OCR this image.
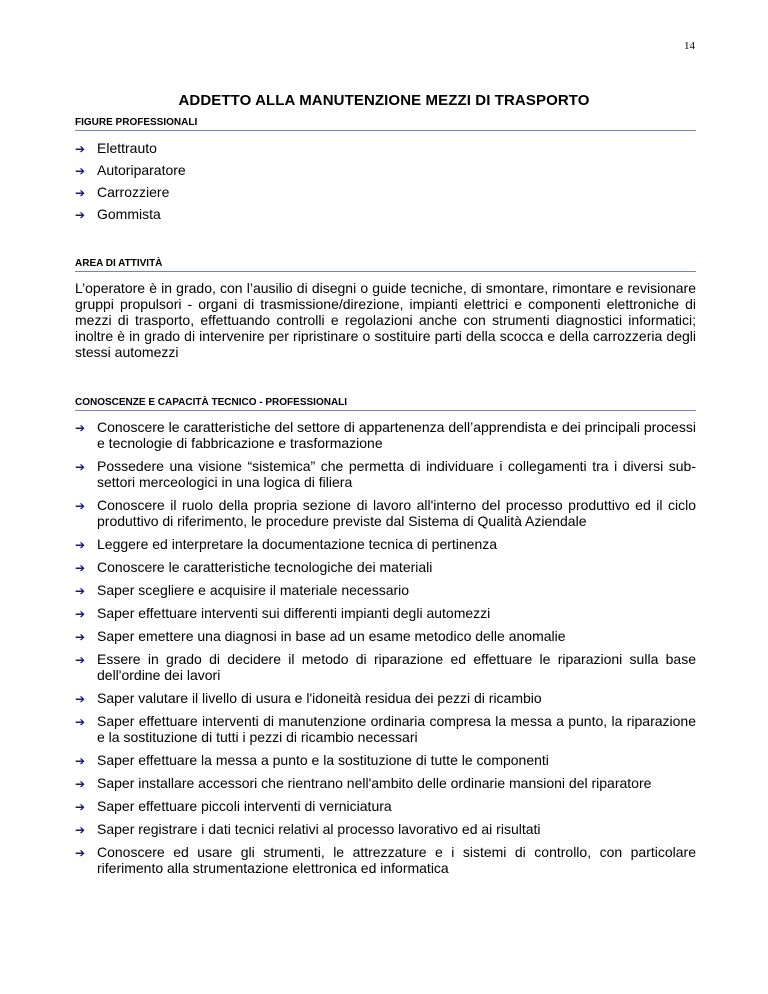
14
ADDETTO ALLA MANUTENZIONE MEZZI DI TRASPORTO
FIGURE PROFESSIONALI
➔ Elettrauto
➔ Autoriparatore
➔ Carrozziere
➔ Gommista
AREA DI ATTIVITÀ

L’operatore è in grado, con l’ausilio di disegni o guide tecniche, di smontare, rimontare e revisionare gruppi propulsori - organi di trasmissione/direzione, impianti elettrici e componenti elettroniche di mezzi di trasporto, effettuando controlli e regolazioni anche con strumenti diagnostici informatici; inoltre è in grado di intervenire per ripristinare o sostituire parti della scocca e della carrozzeria degli stessi automezzi

CONOSCENZE E CAPACITÀ TECNICO - PROFESSIONALI
➔ Conoscere le caratteristiche del settore di appartenenza dell’apprendista e dei principali processi e tecnologie di fabbricazione e trasformazione
➔ Possedere una visione “sistemica” che permetta di individuare i collegamenti tra i diversi sub-settori merceologici in una logica di filiera
➔ Conoscere il ruolo della propria sezione di lavoro all'interno del processo produttivo ed il ciclo produttivo di riferimento, le procedure previste dal Sistema di Qualità Aziendale
➔ Leggere ed interpretare la documentazione tecnica di pertinenza
➔ Conoscere le caratteristiche tecnologiche dei materiali
➔ Saper scegliere e acquisire il materiale necessario
➔ Saper effettuare interventi sui differenti impianti degli automezzi
➔ Saper emettere una diagnosi in base ad un esame metodico delle anomalie
➔ Essere in grado di decidere il metodo di riparazione ed effettuare le riparazioni sulla base dell'ordine dei lavori
➔ Saper valutare il livello di usura e l'idoneità residua dei pezzi di ricambio
➔ Saper effettuare interventi di manutenzione ordinaria compresa la messa a punto, la riparazione e la sostituzione di tutti i pezzi di ricambio necessari
➔ Saper effettuare la messa a punto e la sostituzione di tutte le componenti
➔ Saper installare accessori che rientrano nell'ambito delle ordinarie mansioni del riparatore
➔ Saper effettuare piccoli interventi di verniciatura
➔ Saper registrare i dati tecnici relativi al processo lavorativo ed ai risultati
➔ Conoscere ed usare gli strumenti, le attrezzature e i sistemi di controllo, con particolare riferimento alla strumentazione elettronica ed informatica
